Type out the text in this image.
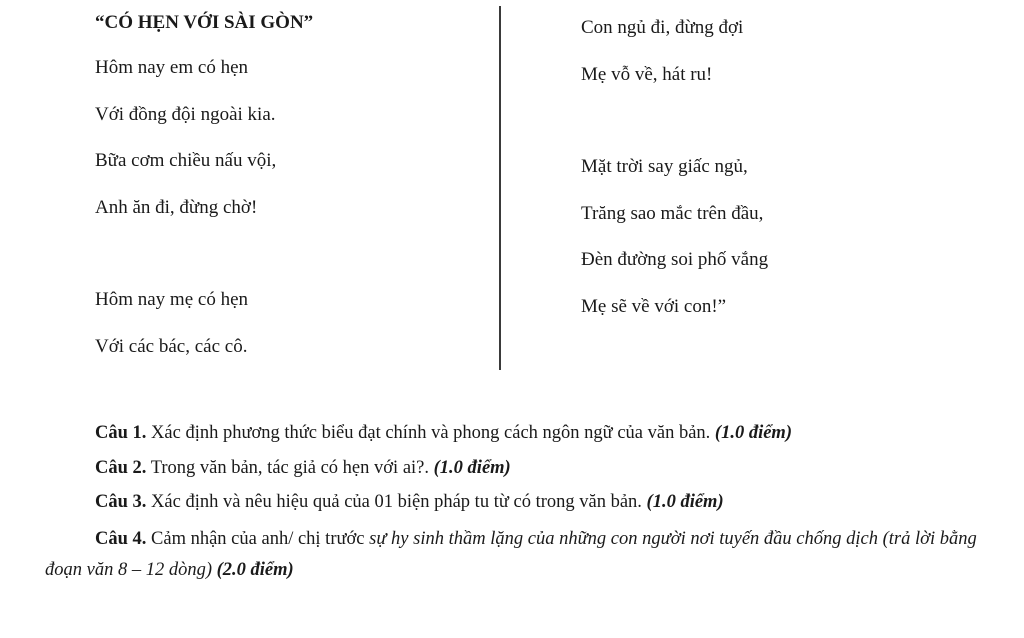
“CÓ HẸN VỚI SÀI GÒN”
Hôm nay em có hẹn
Với đồng đội ngoài kia.
Bữa cơm chiều nấu vội,
Anh ăn đi, đừng chờ!
Hôm nay mẹ có hẹn
Với các bác, các cô.
Con ngủ đi, đừng đợi
Mẹ vỗ về, hát ru!
Mặt trời say giấc ngủ,
Trăng sao mắc trên đầu,
Đèn đường soi phố vắng
Mẹ sẽ về với con!”
Câu 1. Xác định phương thức biểu đạt chính và phong cách ngôn ngữ của văn bản. (1.0 điểm)
Câu 2. Trong văn bản, tác giả có hẹn với ai?. (1.0 điểm)
Câu 3. Xác định và nêu hiệu quả của 01 biện pháp tu từ có trong văn bản. (1.0 điểm)
Câu 4. Cảm nhận của anh/ chị trước sự hy sinh thầm lặng của những con người nơi tuyến đầu chống dịch (trả lời bằng đoạn văn 8 – 12 dòng) (2.0 điểm)
